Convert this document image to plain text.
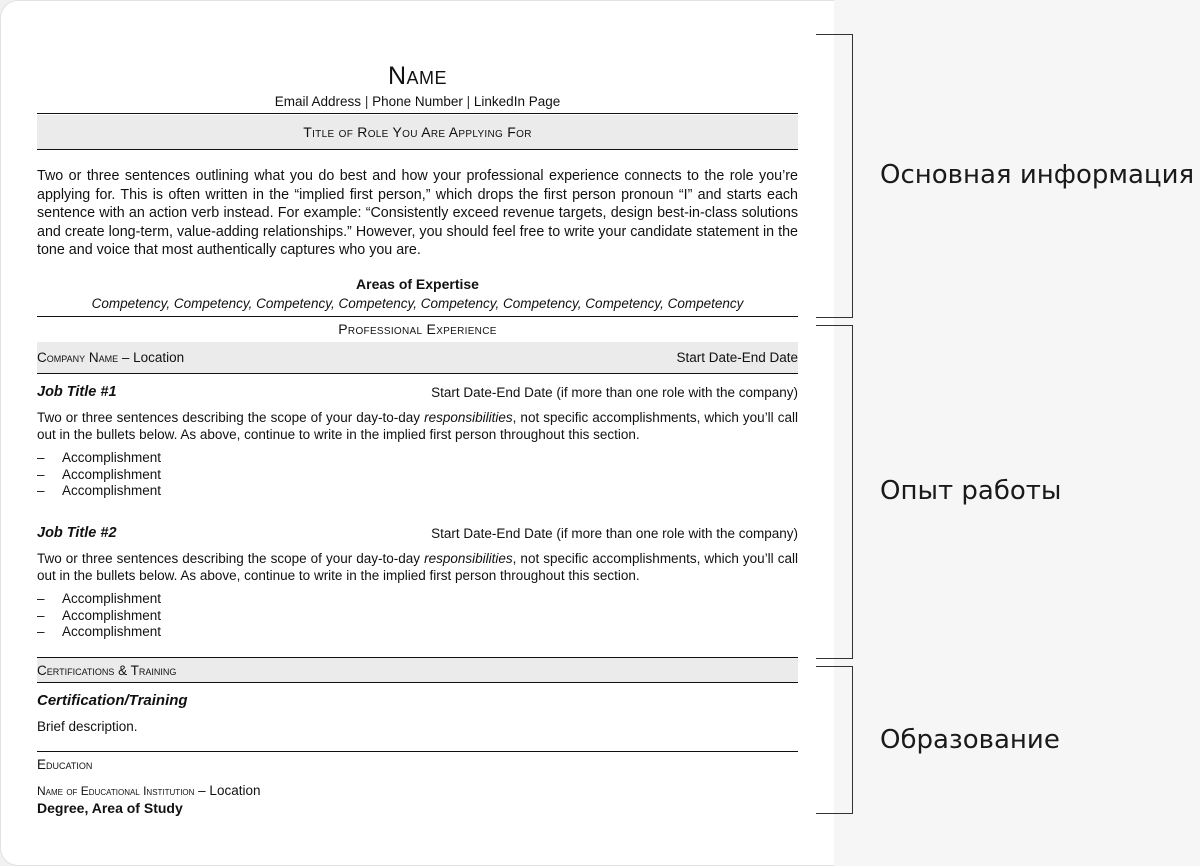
Name
Email Address | Phone Number | LinkedIn Page
Title of Role You Are Applying For
Two or three sentences outlining what you do best and how your professional experience connects to the role you’re applying for. This is often written in the “implied first person,” which drops the first person pronoun “I” and starts each sentence with an action verb instead. For example: “Consistently exceed revenue targets, design best-in-class solutions and create long-term, value-adding relationships.” However, you should feel free to write your candidate statement in the tone and voice that most authentically captures who you are.
Areas of Expertise
Competency, Competency, Competency, Competency, Competency, Competency, Competency, Competency
Professional Experience
Company Name – Location	Start Date-End Date
Job Title #1	Start Date-End Date (if more than one role with the company)
Two or three sentences describing the scope of your day-to-day responsibilities, not specific accomplishments, which you’ll call out in the bullets below. As above, continue to write in the implied first person throughout this section.
– Accomplishment
– Accomplishment
– Accomplishment
Job Title #2	Start Date-End Date (if more than one role with the company)
Two or three sentences describing the scope of your day-to-day responsibilities, not specific accomplishments, which you’ll call out in the bullets below. As above, continue to write in the implied first person throughout this section.
– Accomplishment
– Accomplishment
– Accomplishment
Certifications & Training
Certification/Training
Brief description.
Education
Name of Educational Institution – Location
Degree, Area of Study
Основная информация
Опыт работы
Образование
